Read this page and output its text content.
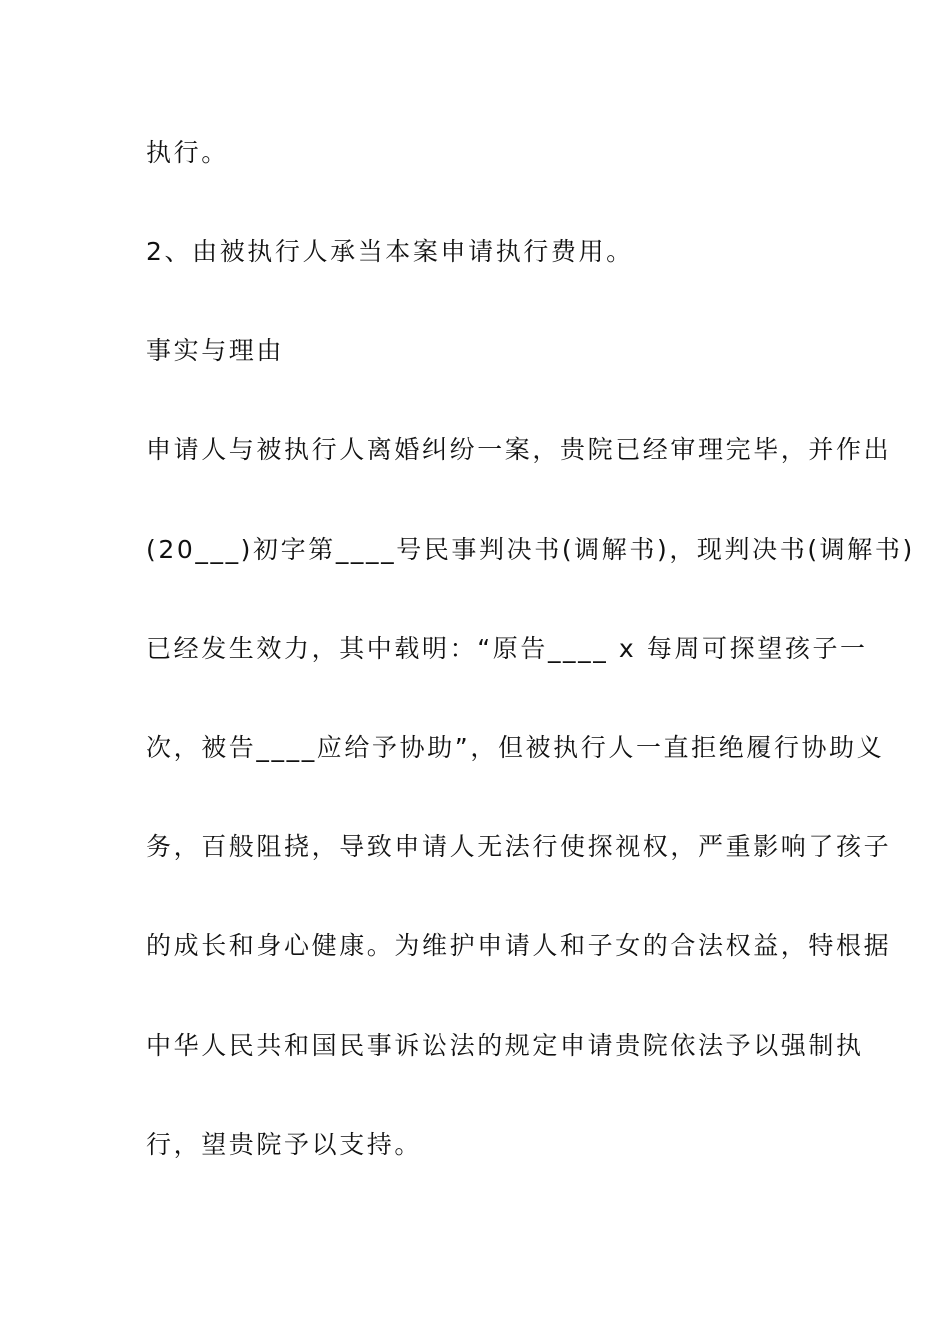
执行。
2、由被执行人承当本案申请执行费用。
事实与理由
申请人与被执行人离婚纠纷一案，贵院已经审理完毕，并作出
(20___)初字第____号民事判决书(调解书)，现判决书(调解书)
已经发生效力，其中载明：“原告____ x 每周可探望孩子一
次，被告____应给予协助”，但被执行人一直拒绝履行协助义
务，百般阻挠，导致申请人无法行使探视权，严重影响了孩子
的成长和身心健康。为维护申请人和子女的合法权益，特根据
中华人民共和国民事诉讼法的规定申请贵院依法予以强制执
行，望贵院予以支持。
